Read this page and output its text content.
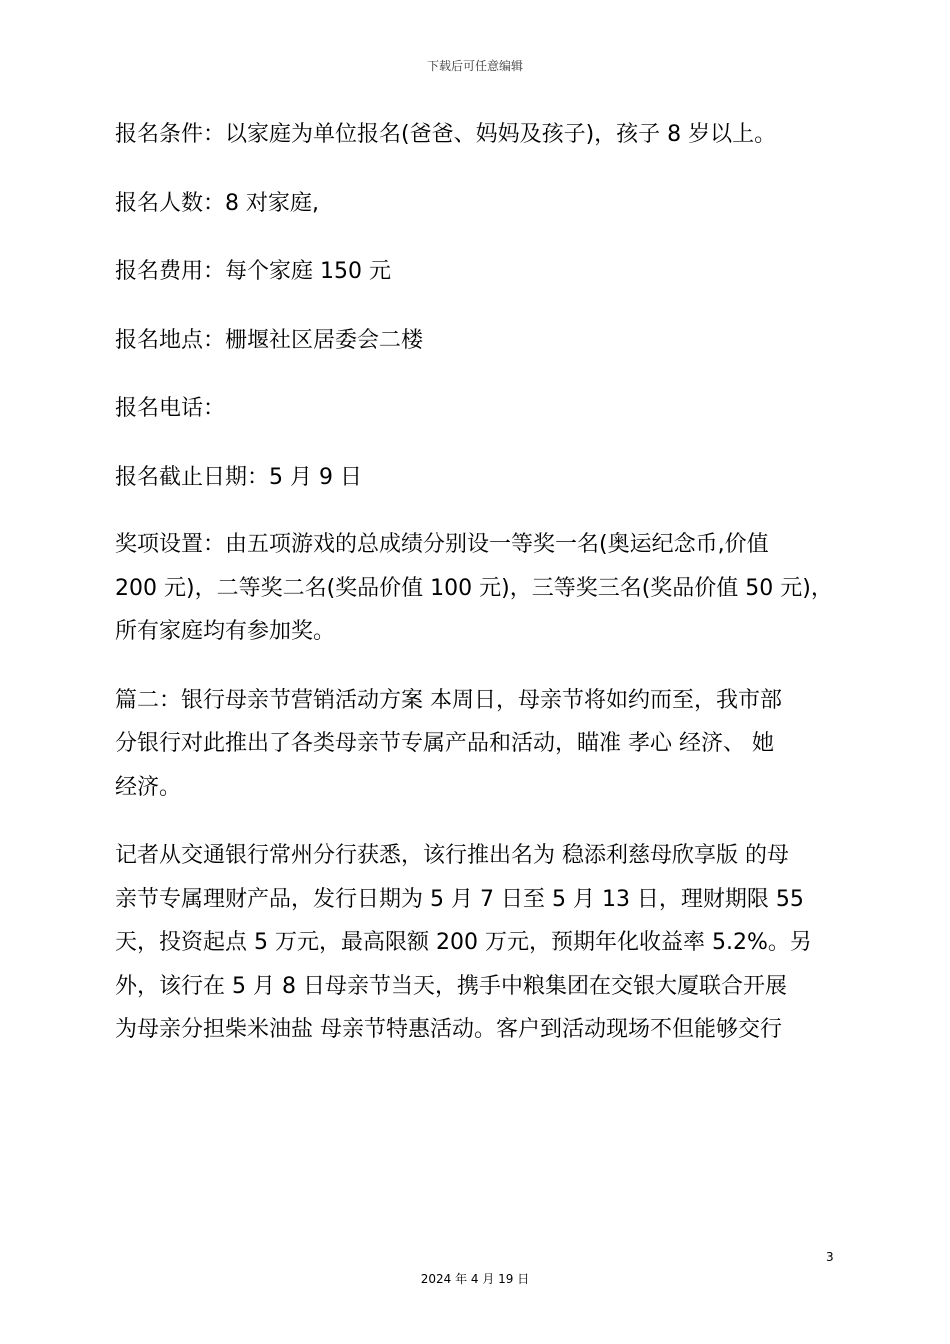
下载后可任意编辑

报名条件：以家庭为单位报名(爸爸、妈妈及孩子)，孩子 8 岁以上。

报名人数：8 对家庭,

报名费用：每个家庭 150 元

报名地点：栅堰社区居委会二楼

报名电话：

报名截止日期：5 月 9 日

奖项设置：由五项游戏的总成绩分别设一等奖一名(奥运纪念币,价值
200 元)，二等奖二名(奖品价值 100 元)，三等奖三名(奖品价值 50 元)，
所有家庭均有参加奖。

篇二：银行母亲节营销活动方案 本周日，母亲节将如约而至，我市部
分银行对此推出了各类母亲节专属产品和活动，瞄准 孝心 经济、 她
经济。

记者从交通银行常州分行获悉，该行推出名为 稳添利慈母欣享版 的母
亲节专属理财产品，发行日期为 5 月 7 日至 5 月 13 日，理财期限 55
天，投资起点 5 万元，最高限额 200 万元，预期年化收益率 5.2%。另
外，该行在 5 月 8 日母亲节当天，携手中粮集团在交银大厦联合开展
为母亲分担柴米油盐 母亲节特惠活动。客户到活动现场不但能够交行

3
2024 年 4 月 19 日
